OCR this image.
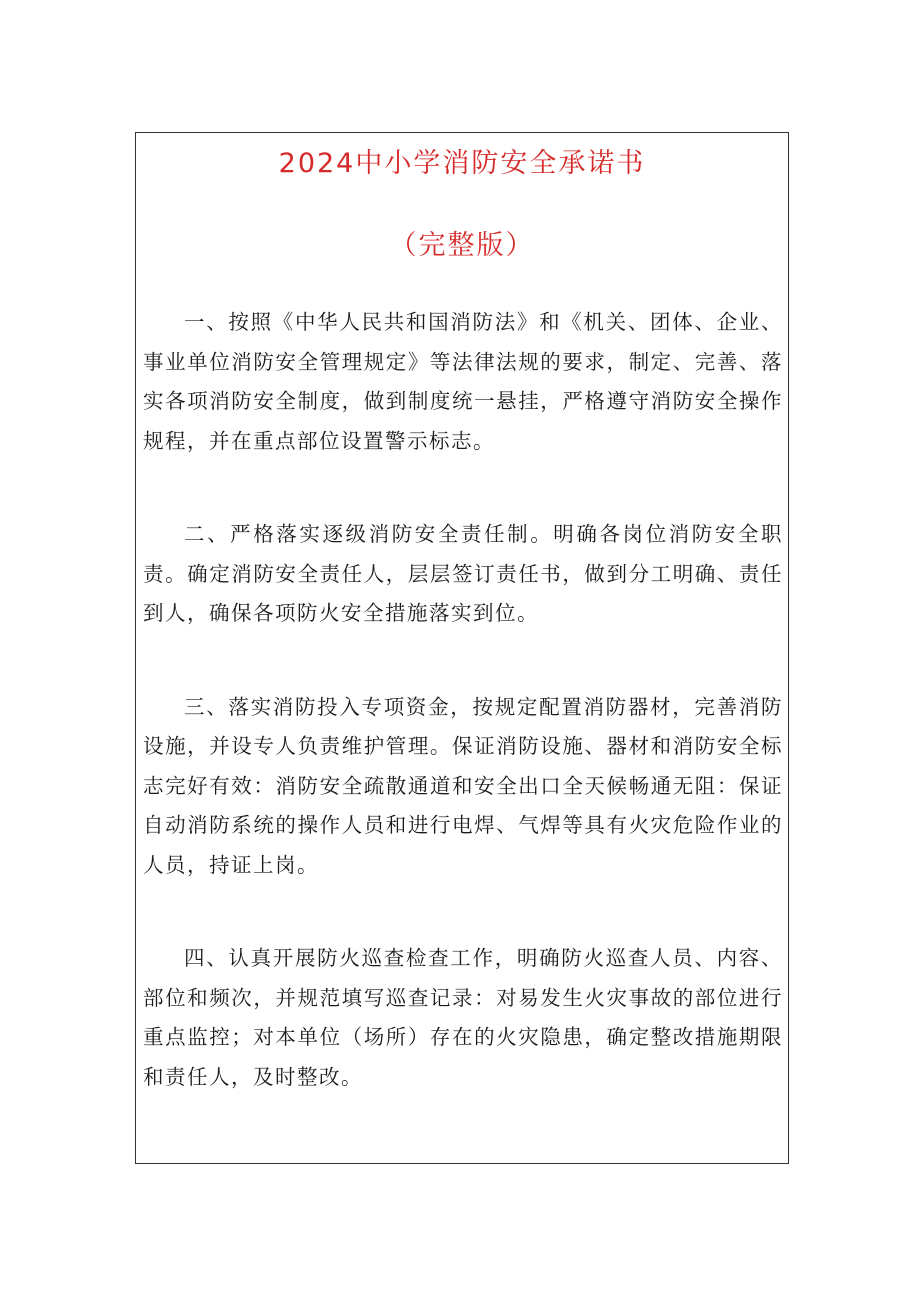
2024中小学消防安全承诺书
（完整版）

一、按照《中华人民共和国消防法》和《机关、团体、企业、事业单位消防安全管理规定》等法律法规的要求，制定、完善、落实各项消防安全制度，做到制度统一悬挂，严格遵守消防安全操作规程，并在重点部位设置警示标志。

二、严格落实逐级消防安全责任制。明确各岗位消防安全职责。确定消防安全责任人，层层签订责任书，做到分工明确、责任到人，确保各项防火安全措施落实到位。

三、落实消防投入专项资金，按规定配置消防器材，完善消防设施，并设专人负责维护管理。保证消防设施、器材和消防安全标志完好有效：消防安全疏散通道和安全出口全天候畅通无阻：保证自动消防系统的操作人员和进行电焊、气焊等具有火灾危险作业的人员，持证上岗。

四、认真开展防火巡查检查工作，明确防火巡查人员、内容、部位和频次，并规范填写巡查记录：对易发生火灾事故的部位进行重点监控；对本单位（场所）存在的火灾隐患，确定整改措施期限和责任人，及时整改。
